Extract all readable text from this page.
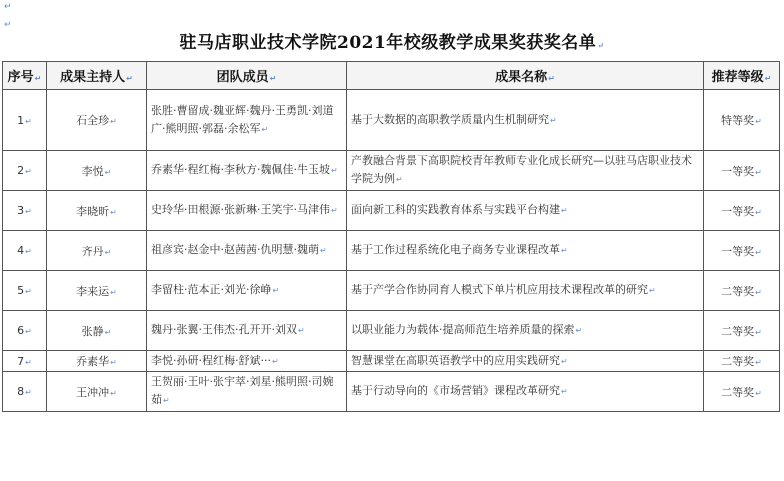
↵
↵
驻马店职业技术学院2021年校级教学成果奖获奖名单↵
序号↵	成果主持人↵	团队成员↵	成果名称↵	推荐等级↵
1↵	石全珍↵	张胜·曹留成·魏亚辉·魏丹·王勇凯·刘道广·熊明照·郭磊·余松军↵	基于大数据的高职教学质量内生机制研究↵	特等奖↵
2↵	李悦↵	乔素华·程红梅·李秋方·魏佩佳·牛玉坡↵	产教融合背景下高职院校青年教师专业化成长研究—以驻马店职业技术学院为例↵	一等奖↵
3↵	李晓昕↵	史玲华·田根源·张新琳·王笑宇·马津伟↵	面向新工科的实践教育体系与实践平台构建↵	一等奖↵
4↵	齐丹↵	祖彦宾·赵金中·赵茜茜·仇明慧·魏萌↵	基于工作过程系统化电子商务专业课程改革↵	一等奖↵
5↵	李来运↵	李留柱·范本正·刘光·徐峥↵	基于产学合作协同育人模式下单片机应用技术课程改革的研究↵	二等奖↵
6↵	张静↵	魏丹·张翼·王伟杰·孔开开·刘双↵	以职业能力为载体·提高师范生培养质量的探索↵	二等奖↵
7↵	乔素华↵	李悦·孙研·程红梅·舒斌···↵	智慧课堂在高职英语教学中的应用实践研究↵	二等奖↵
8↵	王冲冲↵	王贺丽·王叶·张宇萃·刘星·熊明照·司婉茹↵	基于行动导向的《市场营销》课程改革研究↵	二等奖↵
